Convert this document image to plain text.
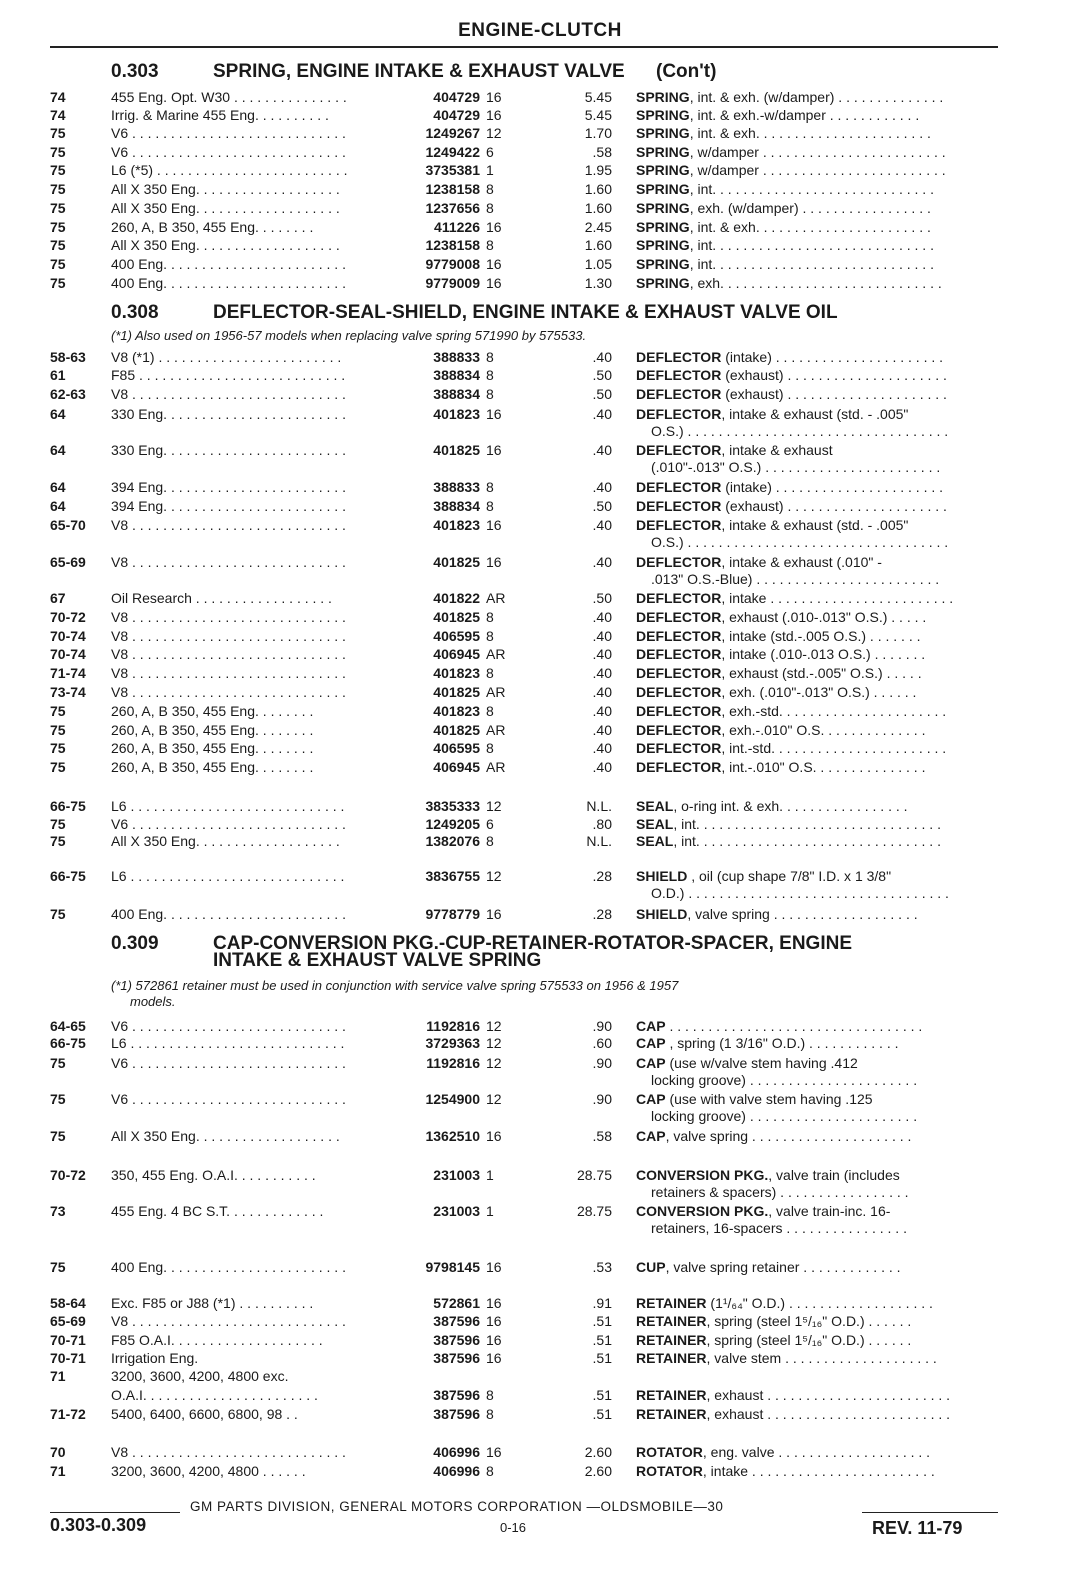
ENGINE-CLUTCH
0.303	SPRING, ENGINE INTAKE & EXHAUST VALVE (Con't)
0.308	DEFLECTOR-SEAL-SHIELD, ENGINE INTAKE & EXHAUST VALVE OIL
(*1) Also used on 1956-57 models when replacing valve spring 571990 by 575533.
0.309	CAP-CONVERSION PKG.-CUP-RETAINER-ROTATOR-SPACER, ENGINE
INTAKE & EXHAUST VALVE SPRING
(*1) 572861 retainer must be used in conjunction with service valve spring 575533 on 1956 & 1957
models.
74	455 Eng. Opt. W30 . . . . . . . . . . . . . . .	404729 16	5.45 SPRING, int. & exh. (w/damper) . . . . . . . . . . . . . .
74	Irrig. & Marine 455 Eng. . . . . . . . . .	404729 16	5.45 SPRING, int. & exh.-w/damper . . . . . . . . . . . .
75	V6 . . . . . . . . . . . . . . . . . . . . . . . . . . . .	1249267 12	1.70 SPRING, int. & exh. . . . . . . . . . . . . . . . . . . . . . .
75	V6 . . . . . . . . . . . . . . . . . . . . . . . . . . . .	1249422 6	.58 SPRING, w/damper . . . . . . . . . . . . . . . . . . . . . . . .
75	L6 (*5) . . . . . . . . . . . . . . . . . . . . . . . . .	3735381 1	1.95 SPRING, w/damper . . . . . . . . . . . . . . . . . . . . . . . .
75	All X 350 Eng. . . . . . . . . . . . . . . . . . .	1238158 8	1.60 SPRING, int. . . . . . . . . . . . . . . . . . . . . . . . . . . . .
75	All X 350 Eng. . . . . . . . . . . . . . . . . . .	1237656 8	1.60 SPRING, exh. (w/damper) . . . . . . . . . . . . . . . . .
75	260, A, B 350, 455 Eng. . . . . . . .	411226 16	2.45 SPRING, int. & exh. . . . . . . . . . . . . . . . . . . . . . .
75	All X 350 Eng. . . . . . . . . . . . . . . . . . .	1238158 8	1.60 SPRING, int. . . . . . . . . . . . . . . . . . . . . . . . . . . . .
75	400 Eng. . . . . . . . . . . . . . . . . . . . . . . .	9779008 16	1.05 SPRING, int. . . . . . . . . . . . . . . . . . . . . . . . . . . . .
75	400 Eng. . . . . . . . . . . . . . . . . . . . . . . .	9779009 16	1.30 SPRING, exh. . . . . . . . . . . . . . . . . . . . . . . . . . . . .
58-63	V8 (*1) . . . . . . . . . . . . . . . . . . . . . . . .	388833 8	.40 DEFLECTOR (intake) . . . . . . . . . . . . . . . . . . . . . .
61	F85 . . . . . . . . . . . . . . . . . . . . . . . . . . .	388834 8	.50 DEFLECTOR (exhaust) . . . . . . . . . . . . . . . . . . . . .
62-63	V8 . . . . . . . . . . . . . . . . . . . . . . . . . . . .	388834 8	.50 DEFLECTOR (exhaust) . . . . . . . . . . . . . . . . . . . . .
64	330 Eng. . . . . . . . . . . . . . . . . . . . . . . .	401823 16	.40 DEFLECTOR, intake & exhaust (std. - .005"
O.S.) . . . . . . . . . . . . . . . . . . . . . . . . . . . . . . . . . .
64	330 Eng. . . . . . . . . . . . . . . . . . . . . . . .	401825 16	.40 DEFLECTOR, intake & exhaust
(.010"-.013" O.S.) . . . . . . . . . . . . . . . . . . . . . . .
64	394 Eng. . . . . . . . . . . . . . . . . . . . . . . .	388833 8	.40 DEFLECTOR (intake) . . . . . . . . . . . . . . . . . . . . . .
64	394 Eng. . . . . . . . . . . . . . . . . . . . . . . .	388834 8	.50 DEFLECTOR (exhaust) . . . . . . . . . . . . . . . . . . . . .
65-70	V8 . . . . . . . . . . . . . . . . . . . . . . . . . . . .	401823 16	.40 DEFLECTOR, intake & exhaust (std. - .005"
O.S.) . . . . . . . . . . . . . . . . . . . . . . . . . . . . . . . . . .
65-69	V8 . . . . . . . . . . . . . . . . . . . . . . . . . . . .	401825 16	.40 DEFLECTOR, intake & exhaust (.010" -
.013" O.S.-Blue) . . . . . . . . . . . . . . . . . . . . . . . .
67	Oil Research . . . . . . . . . . . . . . . . . .	401822 AR	.50 DEFLECTOR, intake . . . . . . . . . . . . . . . . . . . . . . . .
70-72	V8 . . . . . . . . . . . . . . . . . . . . . . . . . . . .	401825 8	.40 DEFLECTOR, exhaust (.010-.013" O.S.) . . . . .
70-74	V8 . . . . . . . . . . . . . . . . . . . . . . . . . . . .	406595 8	.40 DEFLECTOR, intake (std.-.005 O.S.) . . . . . . .
70-74	V8 . . . . . . . . . . . . . . . . . . . . . . . . . . . .	406945 AR	.40 DEFLECTOR, intake (.010-.013 O.S.) . . . . . . .
71-74	V8 . . . . . . . . . . . . . . . . . . . . . . . . . . . .	401823 8	.40 DEFLECTOR, exhaust (std.-.005" O.S.) . . . . .
73-74	V8 . . . . . . . . . . . . . . . . . . . . . . . . . . . .	401825 AR	.40 DEFLECTOR, exh. (.010"-.013" O.S.) . . . . . .
75	260, A, B 350, 455 Eng. . . . . . . .	401823 8	.40 DEFLECTOR, exh.-std. . . . . . . . . . . . . . . . . . . . . .
75	260, A, B 350, 455 Eng. . . . . . . .	401825 AR	.40 DEFLECTOR, exh.-.010" O.S. . . . . . . . . . . . . .
75	260, A, B 350, 455 Eng. . . . . . . .	406595 8	.40 DEFLECTOR, int.-std. . . . . . . . . . . . . . . . . . . . . . .
75	260, A, B 350, 455 Eng. . . . . . . .	406945 AR	.40 DEFLECTOR, int.-.010" O.S. . . . . . . . . . . . . . .
66-75	L6 . . . . . . . . . . . . . . . . . . . . . . . . . . . .	3835333 12	N.L. SEAL, o-ring int. & exh. . . . . . . . . . . . . . . . .
75	V6 . . . . . . . . . . . . . . . . . . . . . . . . . . . .	1249205 6	.80 SEAL, int. . . . . . . . . . . . . . . . . . . . . . . . . . . . . . . .
75	All X 350 Eng. . . . . . . . . . . . . . . . . . .	1382076 8	N.L. SEAL, int. . . . . . . . . . . . . . . . . . . . . . . . . . . . . . . .
66-75	L6 . . . . . . . . . . . . . . . . . . . . . . . . . . . .	3836755 12	.28 SHIELD , oil (cup shape 7/8" I.D. x 1 3/8"
O.D.) . . . . . . . . . . . . . . . . . . . . . . . . . . . . . . . . . .
75	400 Eng. . . . . . . . . . . . . . . . . . . . . . . .	9778779 16	.28 SHIELD, valve spring . . . . . . . . . . . . . . . . . . .
64-65	V6 . . . . . . . . . . . . . . . . . . . . . . . . . . . .	1192816 12	.90 CAP . . . . . . . . . . . . . . . . . . . . . . . . . . . . . . . . .
66-75	L6 . . . . . . . . . . . . . . . . . . . . . . . . . . . .	3729363 12	.60 CAP , spring (1 3/16" O.D.) . . . . . . . . . . . .
75	V6 . . . . . . . . . . . . . . . . . . . . . . . . . . . .	1192816 12	.90 CAP (use w/valve stem having .412
locking groove) . . . . . . . . . . . . . . . . . . . . . .
75	V6 . . . . . . . . . . . . . . . . . . . . . . . . . . . .	1254900 12	.90 CAP (use with valve stem having .125
locking groove) . . . . . . . . . . . . . . . . . . . . . .
75	All X 350 Eng. . . . . . . . . . . . . . . . . . .	1362510 16	.58 CAP, valve spring . . . . . . . . . . . . . . . . . . . . .
70-72	350, 455 Eng. O.A.I. . . . . . . . . . .	231003 1	28.75 CONVERSION PKG., valve train (includes
retainers & spacers) . . . . . . . . . . . . . . . . .
73	455 Eng. 4 BC S.T. . . . . . . . . . . . .	231003 1	28.75 CONVERSION PKG., valve train-inc. 16-
retainers, 16-spacers . . . . . . . . . . . . . . . .
75	400 Eng. . . . . . . . . . . . . . . . . . . . . . . .	9798145 16	.53 CUP, valve spring retainer . . . . . . . . . . . . .
58-64	Exc. F85 or J88 (*1) . . . . . . . . . .	572861 16	.91 RETAINER (1¹/₆₄" O.D.) . . . . . . . . . . . . . . . . . . .
65-69	V8 . . . . . . . . . . . . . . . . . . . . . . . . . . . .	387596 16	.51 RETAINER, spring (steel 1⁵/₁₆" O.D.) . . . . . .
70-71	F85 O.A.I. . . . . . . . . . . . . . . . . . . .	387596 16	.51 RETAINER, spring (steel 1⁵/₁₆" O.D.) . . . . . .
70-71	Irrigation Eng.	387596 16	.51 RETAINER, valve stem . . . . . . . . . . . . . . . . . . . .
71	3200, 3600, 4200, 4800 exc.
O.A.I. . . . . . . . . . . . . . . . . . . . . . .	387596 8	.51 RETAINER, exhaust . . . . . . . . . . . . . . . . . . . . . . . .
71-72	5400, 6400, 6600, 6800, 98 . .	387596 8	.51 RETAINER, exhaust . . . . . . . . . . . . . . . . . . . . . . . .
70	V8 . . . . . . . . . . . . . . . . . . . . . . . . . . . .	406996 16	2.60 ROTATOR, eng. valve . . . . . . . . . . . . . . . . . . . .
71	3200, 3600, 4200, 4800 . . . . . .	406996 8	2.60 ROTATOR, intake . . . . . . . . . . . . . . . . . . . . . . . .
GM PARTS DIVISION, GENERAL MOTORS CORPORATION —OLDSMOBILE—30
0.303-0.309	0-16	REV. 11-79
